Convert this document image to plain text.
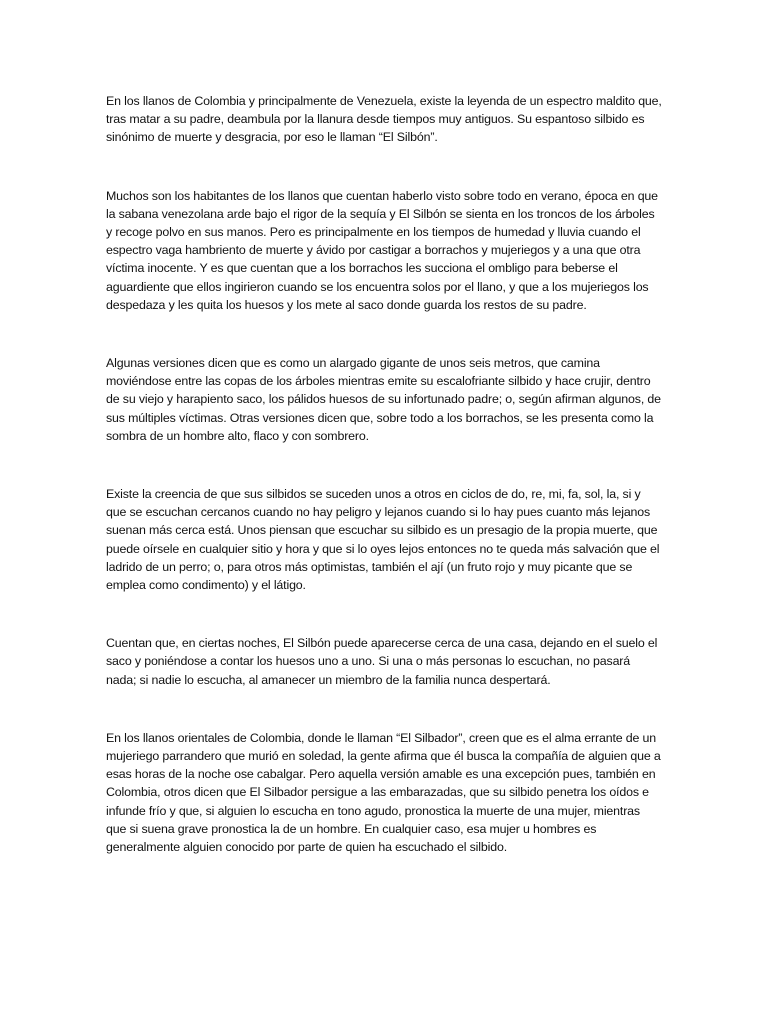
En los llanos de Colombia y principalmente de Venezuela, existe la leyenda de un espectro maldito que, tras matar a su padre, deambula por la llanura desde tiempos muy antiguos. Su espantoso silbido es sinónimo de muerte y desgracia, por eso le llaman “El Silbón”.

Muchos son los habitantes de los llanos que cuentan haberlo visto sobre todo en verano, época en que la sabana venezolana arde bajo el rigor de la sequía y El Silbón se sienta en los troncos de los árboles y recoge polvo en sus manos. Pero es principalmente en los tiempos de humedad y lluvia cuando el espectro vaga hambriento de muerte y ávido por castigar a borrachos y mujeriegos y a una que otra víctima inocente. Y es que cuentan que a los borrachos les succiona el ombligo para beberse el aguardiente que ellos ingirieron cuando se los encuentra solos por el llano, y que a los mujeriegos los despedaza y les quita los huesos y los mete al saco donde guarda los restos de su padre.

Algunas versiones dicen que es como un alargado gigante de unos seis metros, que camina moviéndose entre las copas de los árboles mientras emite su escalofriante silbido y hace crujir, dentro de su viejo y harapiento saco, los pálidos huesos de su infortunado padre; o, según afirman algunos, de sus múltiples víctimas. Otras versiones dicen que, sobre todo a los borrachos, se les presenta como la sombra de un hombre alto, flaco y con sombrero.

Existe la creencia de que sus silbidos se suceden unos a otros en ciclos de do, re, mi, fa, sol, la, si y que se escuchan cercanos cuando no hay peligro y lejanos cuando si lo hay pues cuanto más lejanos suenan más cerca está. Unos piensan que escuchar su silbido es un presagio de la propia muerte, que puede oírsele en cualquier sitio y hora y que si lo oyes lejos entonces no te queda más salvación que el ladrido de un perro; o, para otros más optimistas, también el ají (un fruto rojo y muy picante que se emplea como condimento) y el látigo.

Cuentan que, en ciertas noches, El Silbón puede aparecerse cerca de una casa, dejando en el suelo el saco y poniéndose a contar los huesos uno a uno. Si una o más personas lo escuchan, no pasará nada; si nadie lo escucha, al amanecer un miembro de la familia nunca despertará.

En los llanos orientales de Colombia, donde le llaman “El Silbador”, creen que es el alma errante de un mujeriego parrandero que murió en soledad, la gente afirma que él busca la compañía de alguien que a esas horas de la noche ose cabalgar. Pero aquella versión amable es una excepción pues, también en Colombia, otros dicen que El Silbador persigue a las embarazadas, que su silbido penetra los oídos e infunde frío y que, si alguien lo escucha en tono agudo, pronostica la muerte de una mujer, mientras que si suena grave pronostica la de un hombre. En cualquier caso, esa mujer u hombres es generalmente alguien conocido por parte de quien ha escuchado el silbido.
